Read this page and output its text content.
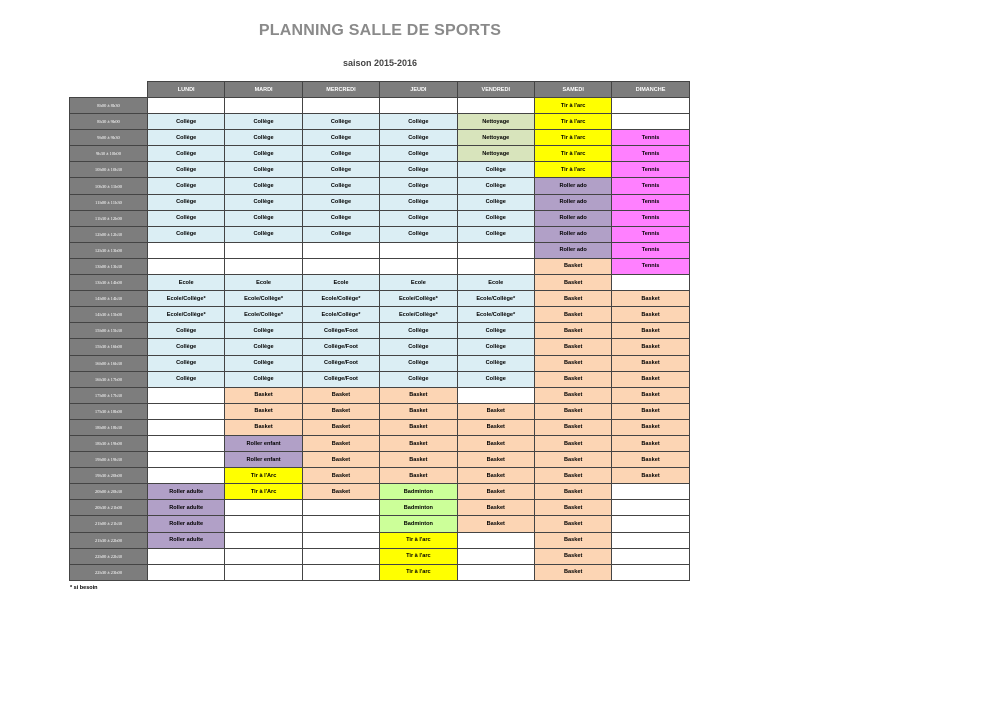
PLANNING SALLE DE SPORTS
saison 2015-2016
	LUNDI	MARDI	MERCREDI	JEUDI	VENDREDI	SAMEDI	DIMANCHE
8h00 à 8h30						Tir à l'arc	
8h30 à 9h00	Collège	Collège	Collège	Collège	Nettoyage	Tir à l'arc	
9h00 à 9h30	Collège	Collège	Collège	Collège	Nettoyage	Tir à l'arc	Tennis
9h30 à 10h00	Collège	Collège	Collège	Collège	Nettoyage	Tir à l'arc	Tennis
10h00 à 10h30	Collège	Collège	Collège	Collège	Collège	Tir à l'arc	Tennis
10h30 à 11h00	Collège	Collège	Collège	Collège	Collège	Roller ado	Tennis
11h00 à 11h30	Collège	Collège	Collège	Collège	Collège	Roller ado	Tennis
11h30 à 12h00	Collège	Collège	Collège	Collège	Collège	Roller ado	Tennis
12h00 à 12h30	Collège	Collège	Collège	Collège	Collège	Roller ado	Tennis
12h30 à 13h00						Roller ado	Tennis
13h00 à 13h30						Basket	Tennis
13h30 à 14h00	Ecole	Ecole	Ecole	Ecole	Ecole	Basket	
14h00 à 14h30	Ecole/Collège*	Ecole/Collège*	Ecole/Collège*	Ecole/Collège*	Ecole/Collège*	Basket	Basket
14h30 à 15h00	Ecole/Collège*	Ecole/Collège*	Ecole/Collège*	Ecole/Collège*	Ecole/Collège*	Basket	Basket
15h00 à 15h30	Collège	Collège	Collège/Foot	Collège	Collège	Basket	Basket
15h30 à 16h00	Collège	Collège	Collège/Foot	Collège	Collège	Basket	Basket
16h00 à 16h30	Collège	Collège	Collège/Foot	Collège	Collège	Basket	Basket
16h30 à 17h00	Collège	Collège	Collège/Foot	Collège	Collège	Basket	Basket
17h00 à 17h30		Basket	Basket	Basket		Basket	Basket
17h30 à 18h00		Basket	Basket	Basket	Basket	Basket	Basket
18h00 à 18h30		Basket	Basket	Basket	Basket	Basket	Basket
18h30 à 19h00		Roller enfant	Basket	Basket	Basket	Basket	Basket
19h00 à 19h30		Roller enfant	Basket	Basket	Basket	Basket	Basket
19h30 à 20h00		Tir à l'Arc	Basket	Basket	Basket	Basket	Basket
20h00 à 20h30	Roller adulte	Tir à l'Arc	Basket	Badminton	Basket	Basket	
20h30 à 21h00	Roller adulte			Badminton	Basket	Basket	
21h00 à 21h30	Roller adulte			Badminton	Basket	Basket	
21h30 à 22h00	Roller adulte			Tir à l'arc		Basket	
22h00 à 22h30				Tir à l'arc		Basket	
22h30 à 23h00				Tir à l'arc		Basket	
* si besoin
